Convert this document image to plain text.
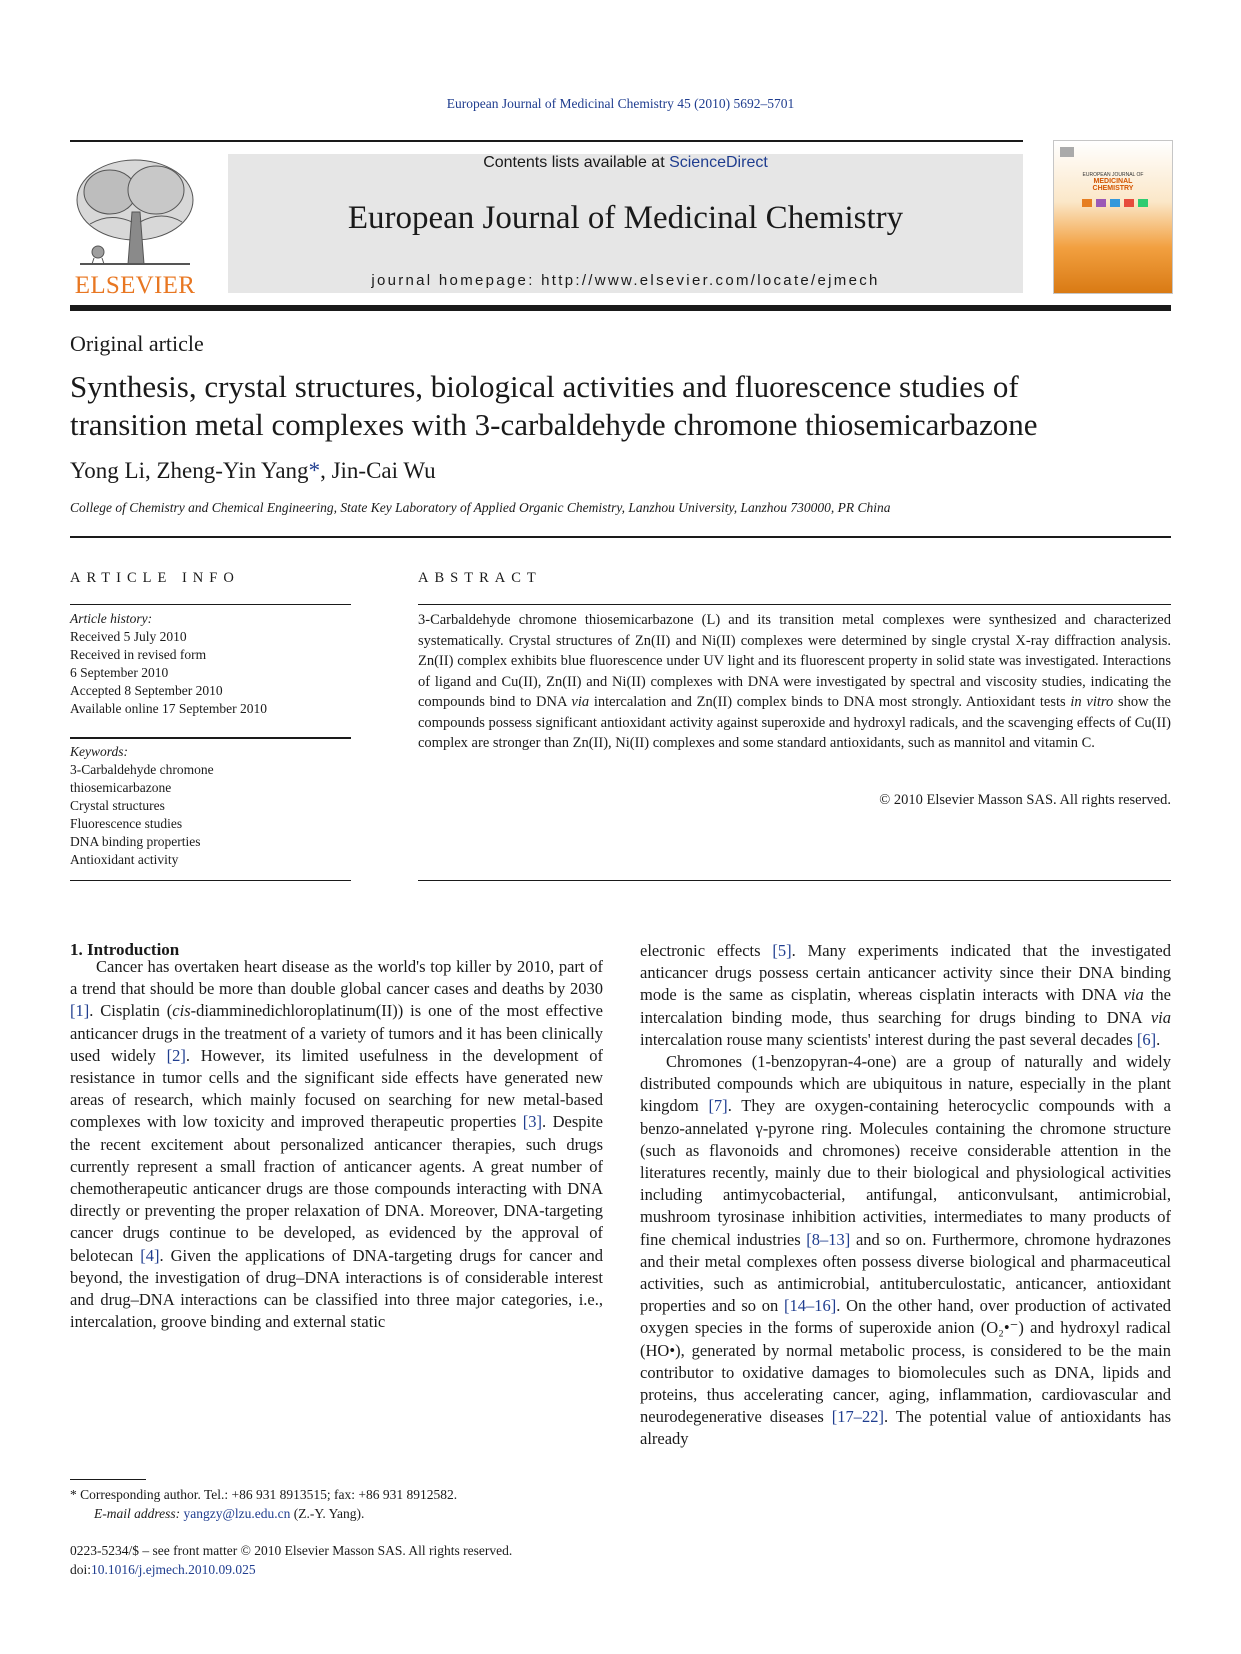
European Journal of Medicinal Chemistry 45 (2010) 5692–5701
ELSEVIER
Contents lists available at ScienceDirect
European Journal of Medicinal Chemistry
journal homepage: http://www.elsevier.com/locate/ejmech
EUROPEAN JOURNAL OF
MEDICINAL
CHEMISTRY
Original article
Synthesis, crystal structures, biological activities and fluorescence studies of
transition metal complexes with 3-carbaldehyde chromone thiosemicarbazone
Yong Li, Zheng-Yin Yang*, Jin-Cai Wu
College of Chemistry and Chemical Engineering, State Key Laboratory of Applied Organic Chemistry, Lanzhou University, Lanzhou 730000, PR China
ARTICLE INFO
Article history:
Received 5 July 2010
Received in revised form
6 September 2010
Accepted 8 September 2010
Available online 17 September 2010
Keywords:
3-Carbaldehyde chromone
thiosemicarbazone
Crystal structures
Fluorescence studies
DNA binding properties
Antioxidant activity
ABSTRACT
3-Carbaldehyde chromone thiosemicarbazone (L) and its transition metal complexes were synthesized and characterized systematically. Crystal structures of Zn(II) and Ni(II) complexes were determined by single crystal X-ray diffraction analysis. Zn(II) complex exhibits blue fluorescence under UV light and its fluorescent property in solid state was investigated. Interactions of ligand and Cu(II), Zn(II) and Ni(II) complexes with DNA were investigated by spectral and viscosity studies, indicating the compounds bind to DNA via intercalation and Zn(II) complex binds to DNA most strongly. Antioxidant tests in vitro show the compounds possess significant antioxidant activity against superoxide and hydroxyl radicals, and the scavenging effects of Cu(II) complex are stronger than Zn(II), Ni(II) complexes and some standard antioxidants, such as mannitol and vitamin C.
© 2010 Elsevier Masson SAS. All rights reserved.
1. Introduction

Cancer has overtaken heart disease as the world's top killer by 2010, part of a trend that should be more than double global cancer cases and deaths by 2030 [1]. Cisplatin (cis-diamminedichloroplatinum(II)) is one of the most effective anticancer drugs in the treatment of a variety of tumors and it has been clinically used widely [2]. However, its limited usefulness in the development of resistance in tumor cells and the significant side effects have generated new areas of research, which mainly focused on searching for new metal-based complexes with low toxicity and improved therapeutic properties [3]. Despite the recent excitement about personalized anticancer therapies, such drugs currently represent a small fraction of anticancer agents. A great number of chemotherapeutic anticancer drugs are those compounds interacting with DNA directly or preventing the proper relaxation of DNA. Moreover, DNA-targeting cancer drugs continue to be developed, as evidenced by the approval of belotecan [4]. Given the applications of DNA-targeting drugs for cancer and beyond, the investigation of drug–DNA interactions is of considerable interest and drug–DNA interactions can be classified into three major categories, i.e., intercalation, groove binding and external static

electronic effects [5]. Many experiments indicated that the investigated anticancer drugs possess certain anticancer activity since their DNA binding mode is the same as cisplatin, whereas cisplatin interacts with DNA via the intercalation binding mode, thus searching for drugs binding to DNA via intercalation rouse many scientists' interest during the past several decades [6].

Chromones (1-benzopyran-4-one) are a group of naturally and widely distributed compounds which are ubiquitous in nature, especially in the plant kingdom [7]. They are oxygen-containing heterocyclic compounds with a benzo-annelated γ-pyrone ring. Molecules containing the chromone structure (such as flavonoids and chromones) receive considerable attention in the literatures recently, mainly due to their biological and physiological activities including antimycobacterial, antifungal, anticonvulsant, antimicrobial, mushroom tyrosinase inhibition activities, intermediates to many products of fine chemical industries [8–13] and so on. Furthermore, chromone hydrazones and their metal complexes often possess diverse biological and pharmaceutical activities, such as antimicrobial, antituberculostatic, anticancer, antioxidant properties and so on [14–16]. On the other hand, over production of activated oxygen species in the forms of superoxide anion (O₂•⁻) and hydroxyl radical (HO•), generated by normal metabolic process, is considered to be the main contributor to oxidative damages to biomolecules such as DNA, lipids and proteins, thus accelerating cancer, aging, inflammation, cardiovascular and neurodegenerative diseases [17–22]. The potential value of antioxidants has already

* Corresponding author. Tel.: +86 931 8913515; fax: +86 931 8912582.
E-mail address: yangzy@lzu.edu.cn (Z.-Y. Yang).
0223-5234/$ – see front matter © 2010 Elsevier Masson SAS. All rights reserved.
doi:10.1016/j.ejmech.2010.09.025
